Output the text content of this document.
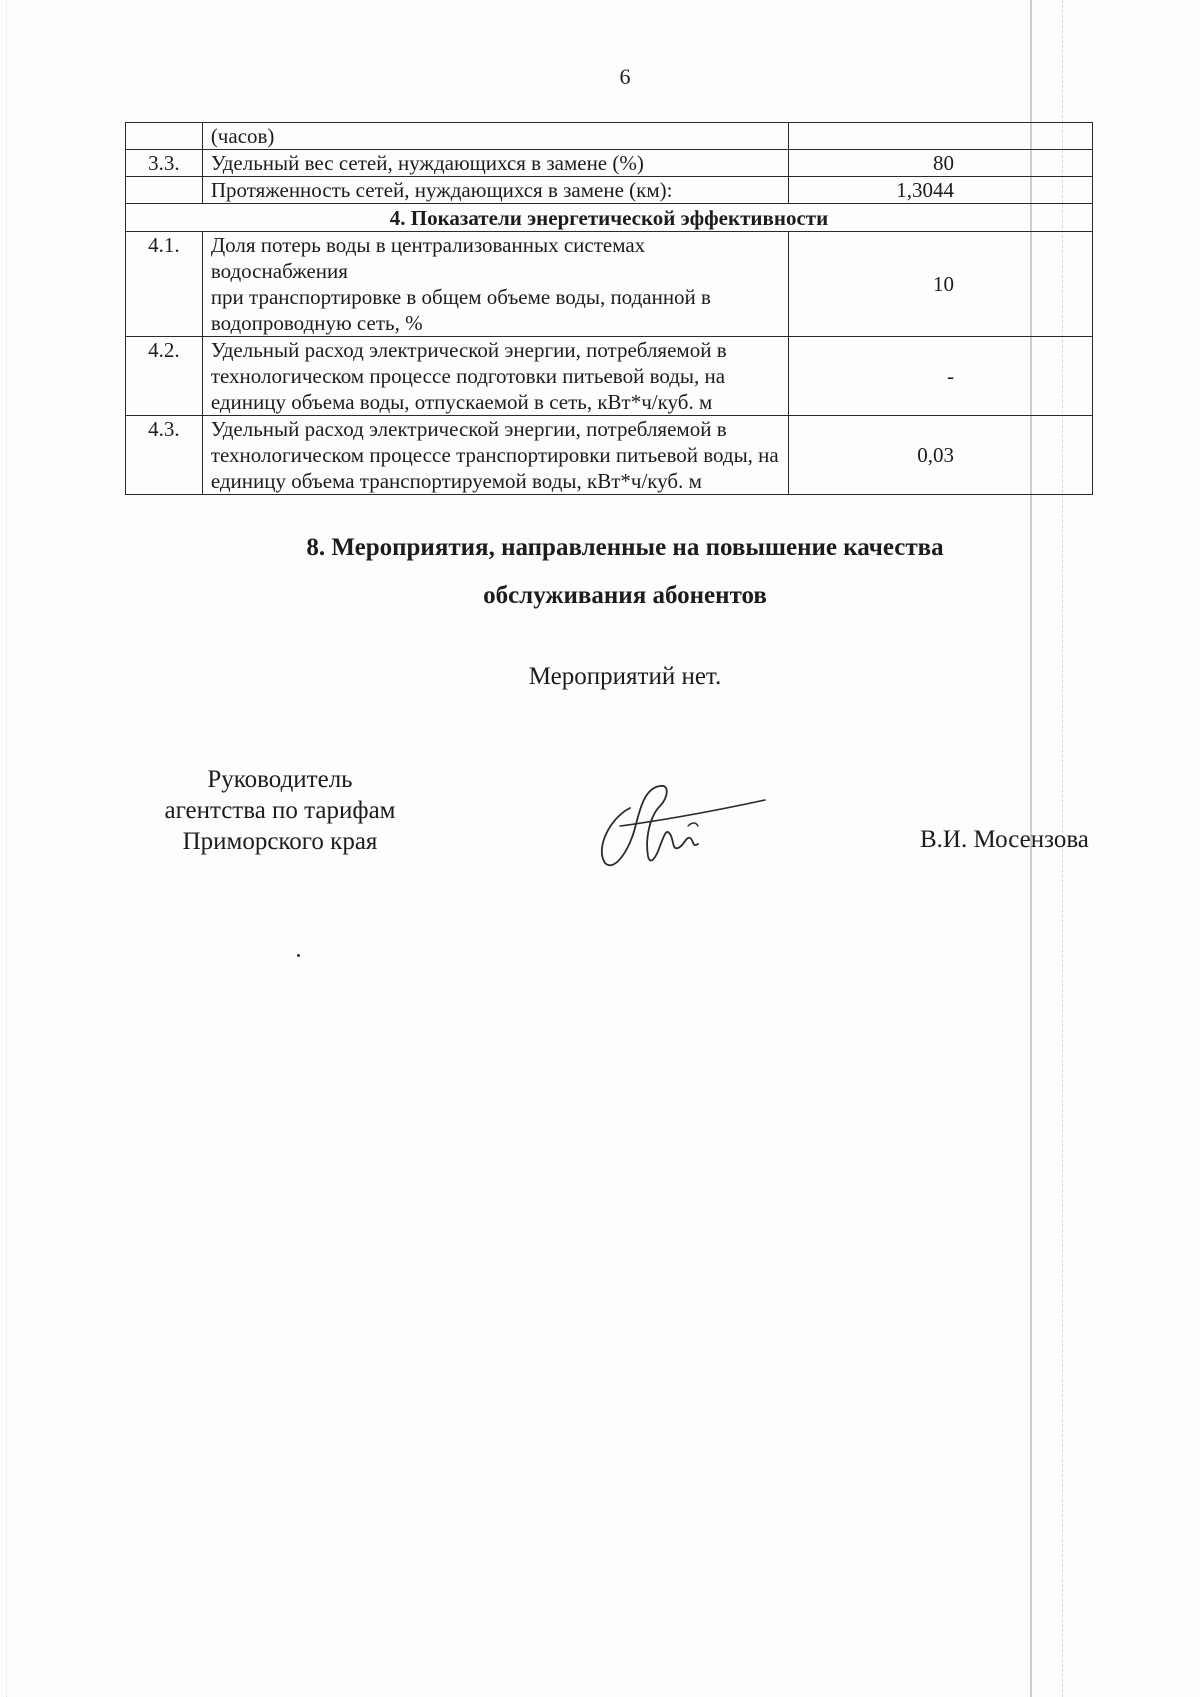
6
	(часов)	
3.3.	Удельный вес сетей, нуждающихся в замене (%)	80
	Протяженность сетей, нуждающихся в замене (км):	1,3044
4. Показатели энергетической эффективности		
4.1.	Доля потерь воды в централизованных системах водоснабжения
при транспортировке в общем объеме воды, поданной в
водопроводную сеть, %	10
4.2.	Удельный расход электрической энергии, потребляемой в
технологическом процессе подготовки питьевой воды, на
единицу объема воды, отпускаемой в сеть, кВт*ч/куб. м	-
4.3.	Удельный расход электрической энергии, потребляемой в
технологическом процессе транспортировки питьевой воды, на
единицу объема транспортируемой воды, кВт*ч/куб. м	0,03
8. Мероприятия, направленные на повышение качества
обслуживания абонентов
Мероприятий нет.
Руководитель
агентства по тарифам
Приморского края	В.И. Мосензова
